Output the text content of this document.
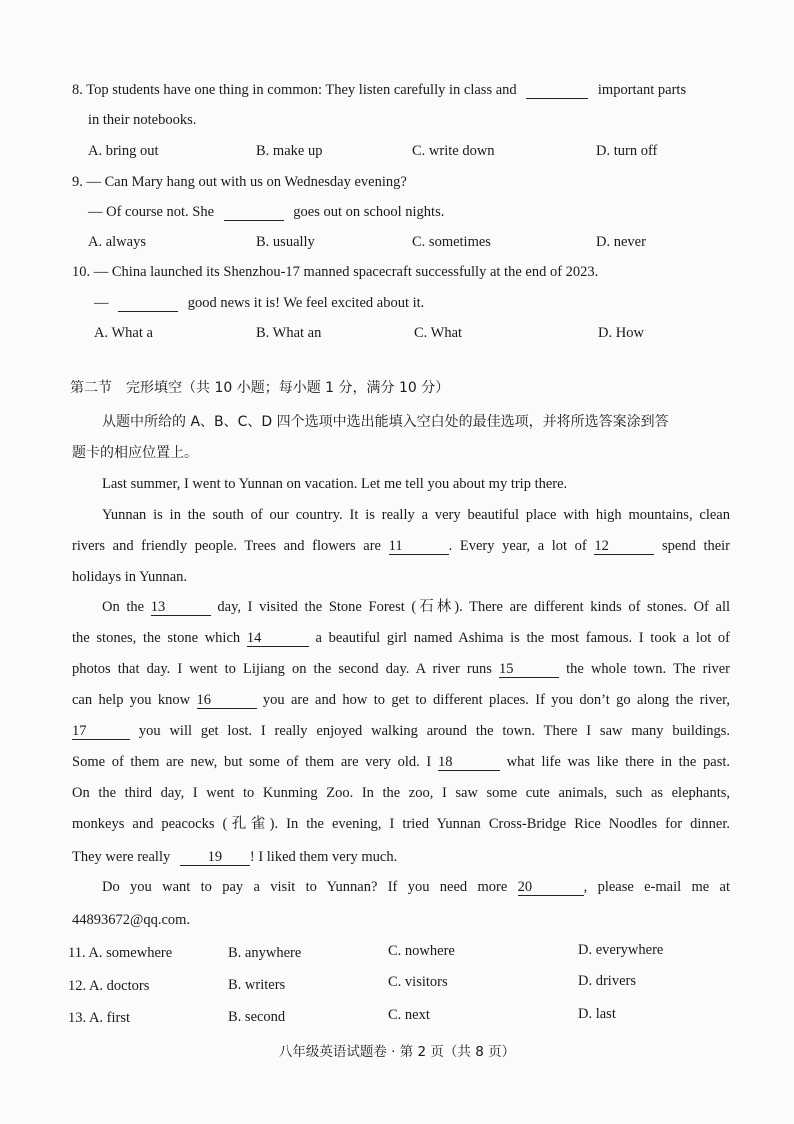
8. Top students have one thing in common: They listen carefully in class and	important parts
in their notebooks.
A. bring out	B. make up	C. write down	D. turn off
9. — Can Mary hang out with us on Wednesday evening?
— Of course not. She	goes out on school nights.
A. always	B. usually	C. sometimes	D. never
10. — China launched its Shenzhou-17 manned spacecraft successfully at the end of 2023.
—	good news it is! We feel excited about it.
A. What a	B. What an	C. What	D. How
第二节　完形填空（共 10 小题；每小题 1 分，满分 10 分）
从题中所给的 A、B、C、D 四个选项中选出能填入空白处的最佳选项，并将所选答案涂到答
题卡的相应位置上。
Last summer, I went to Yunnan on vacation. Let me tell you about my trip there.
Yunnan is in the south of our country. It is really a very beautiful place with high mountains, clean
rivers and friendly people. Trees and flowers are 11	. Every year, a lot of 12	spend their
holidays in Yunnan.
On the 13	day, I visited the Stone Forest (石林). There are different kinds of stones. Of all
the stones, the stone which 14	a beautiful girl named Ashima is the most famous. I took a lot of
photos that day. I went to Lijiang on the second day. A river runs 15	the whole town. The river
can help you know 16	you are and how to get to different places. If you don’t go along the river,
17	you will get lost. I really enjoyed walking around the town. There I saw many buildings.
Some of them are new, but some of them are very old. I 18	what life was like there in the past.
On the third day, I went to Kunming Zoo. In the zoo, I saw some cute animals, such as elephants,
monkeys and peacocks (孔雀). In the evening, I tried Yunnan Cross-Bridge Rice Noodles for dinner.
They were really	19 ! I liked them very much.
Do you want to pay a visit to Yunnan? If you need more 20	, please e-mail me at
44893672@qq.com.
11. A. somewhere	B. anywhere	C. nowhere	D. everywhere
12. A. doctors	B. writers	C. visitors	D. drivers
13. A. first	B. second	C. next	D. last
八年级英语试题卷 · 第 2 页（共 8 页）
